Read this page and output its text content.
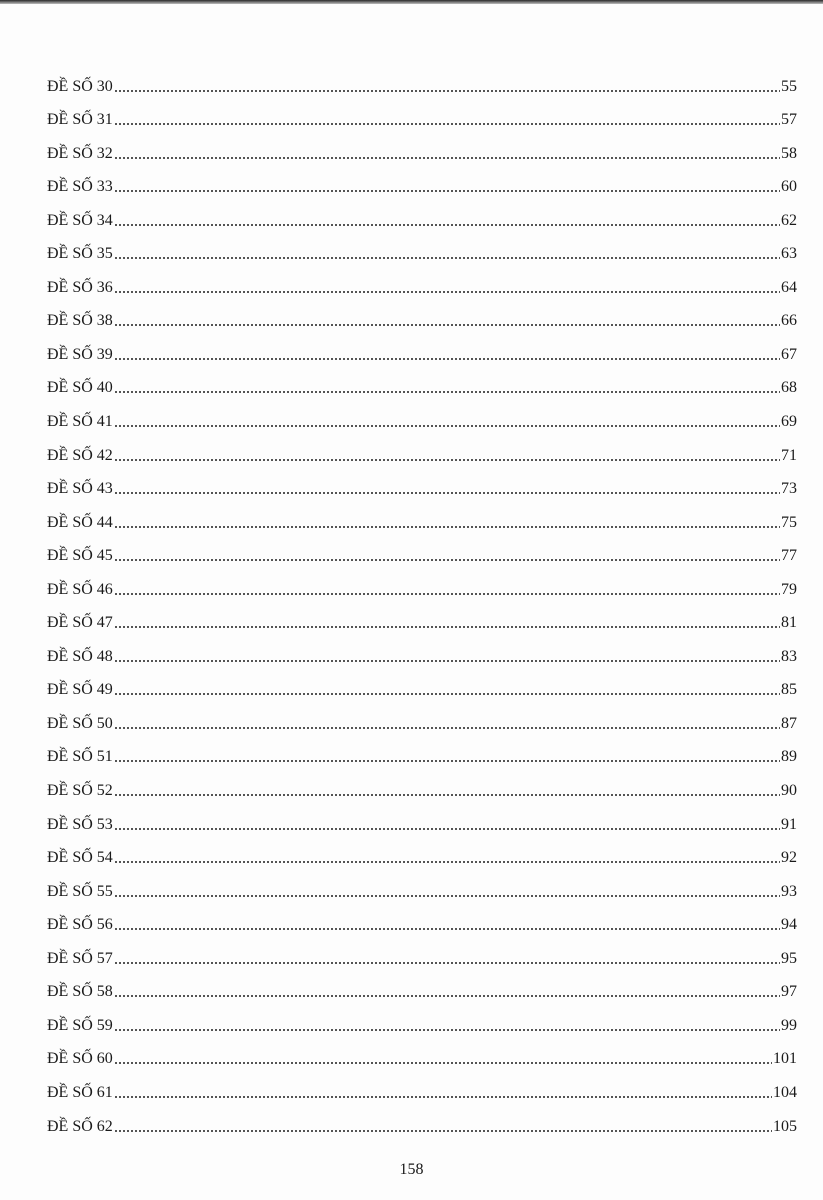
ĐỀ SỐ 30	55
ĐỀ SỐ 31	57
ĐỀ SỐ 32	58
ĐỀ SỐ 33	60
ĐỀ SỐ 34	62
ĐỀ SỐ 35	63
ĐỀ SỐ 36	64
ĐỀ SỐ 38	66
ĐỀ SỐ 39	67
ĐỀ SỐ 40	68
ĐỀ SỐ 41	69
ĐỀ SỐ 42	71
ĐỀ SỐ 43	73
ĐỀ SỐ 44	75
ĐỀ SỐ 45	77
ĐỀ SỐ 46	79
ĐỀ SỐ 47	81
ĐỀ SỐ 48	83
ĐỀ SỐ 49	85
ĐỀ SỐ 50	87
ĐỀ SỐ 51	89
ĐỀ SỐ 52	90
ĐỀ SỐ 53	91
ĐỀ SỐ 54	92
ĐỀ SỐ 55	93
ĐỀ SỐ 56	94
ĐỀ SỐ 57	95
ĐỀ SỐ 58	97
ĐỀ SỐ 59	99
ĐỀ SỐ 60	101
ĐỀ SỐ 61	104
ĐỀ SỐ 62	105
158
